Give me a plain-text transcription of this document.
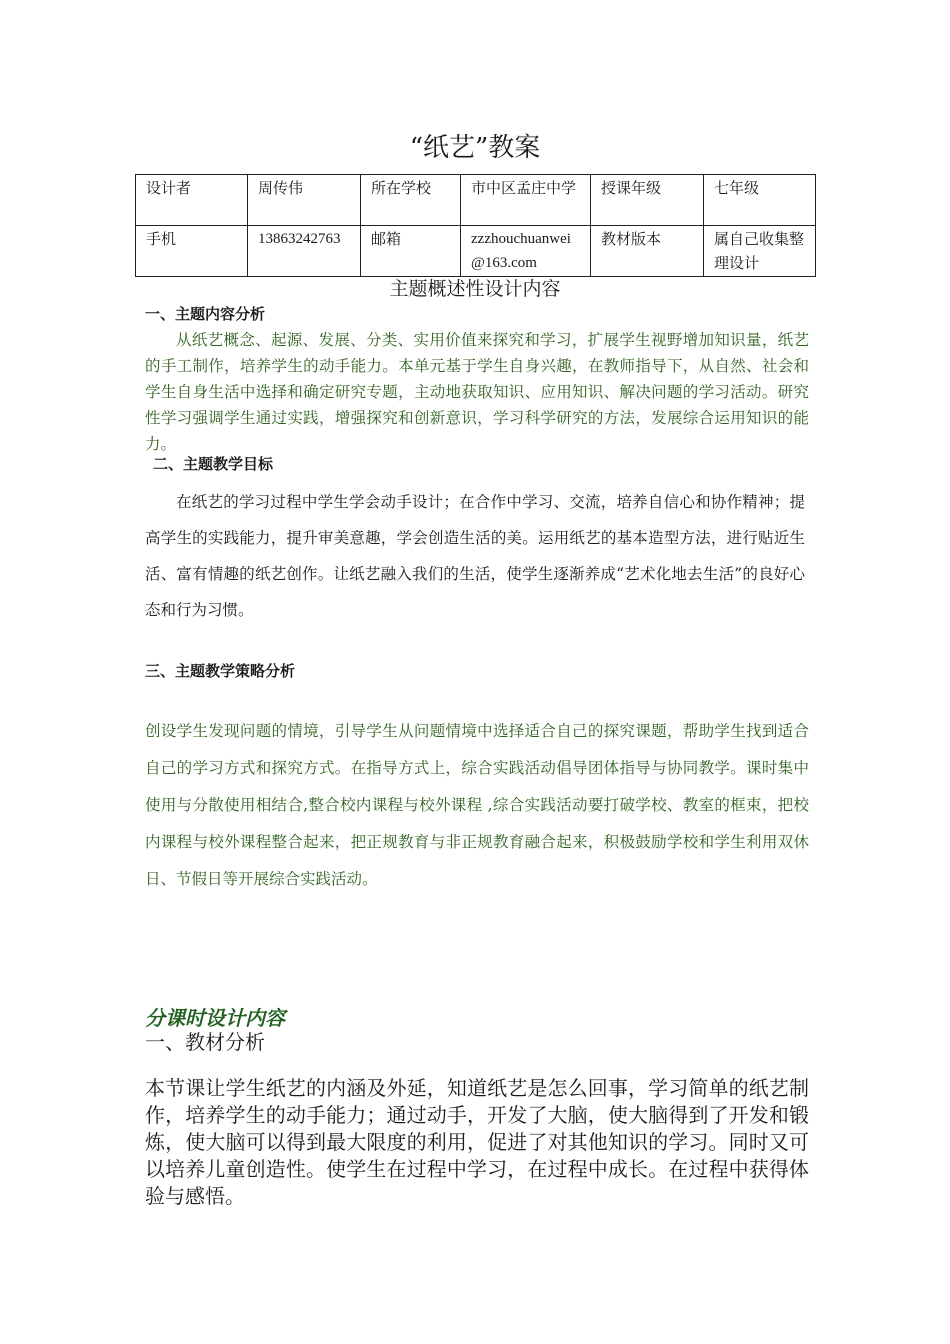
“纸艺”教案
设计者	周传伟	所在学校	市中区孟庄中学	授课年级	七年级
手机	13863242763	邮箱	zzzhouchuanwei@163.com	教材版本	属自己收集整理设计
主题概述性设计内容
一、主题内容分析
从纸艺概念、起源、发展、分类、实用价值来探究和学习，扩展学生视野增加知识量，纸艺的手工制作，培养学生的动手能力。本单元基于学生自身兴趣，在教师指导下，从自然、社会和学生自身生活中选择和确定研究专题，主动地获取知识、应用知识、解决问题的学习活动。研究性学习强调学生通过实践，增强探究和创新意识，学习科学研究的方法，发展综合运用知识的能力。
二、主题教学目标
在纸艺的学习过程中学生学会动手设计；在合作中学习、交流，培养自信心和协作精神；提高学生的实践能力，提升审美意趣，学会创造生活的美。运用纸艺的基本造型方法，进行贴近生活、富有情趣的纸艺创作。让纸艺融入我们的生活，使学生逐渐养成“艺术化地去生活”的良好心态和行为习惯。
三、主题教学策略分析
创设学生发现问题的情境，引导学生从问题情境中选择适合自己的探究课题，帮助学生找到适合自己的学习方式和探究方式。在指导方式上，综合实践活动倡导团体指导与协同教学。课时集中使用与分散使用相结合,整合校内课程与校外课程 ,综合实践活动要打破学校、教室的框束，把校内课程与校外课程整合起来，把正规教育与非正规教育融合起来，积极鼓励学校和学生利用双休日、节假日等开展综合实践活动。
分课时设计内容
一、教材分析
本节课让学生纸艺的内涵及外延，知道纸艺是怎么回事，学习简单的纸艺制作，培养学生的动手能力；通过动手，开发了大脑，使大脑得到了开发和锻炼，使大脑可以得到最大限度的利用，促进了对其他知识的学习。同时又可以培养儿童创造性。使学生在过程中学习，在过程中成长。在过程中获得体验与感悟。
